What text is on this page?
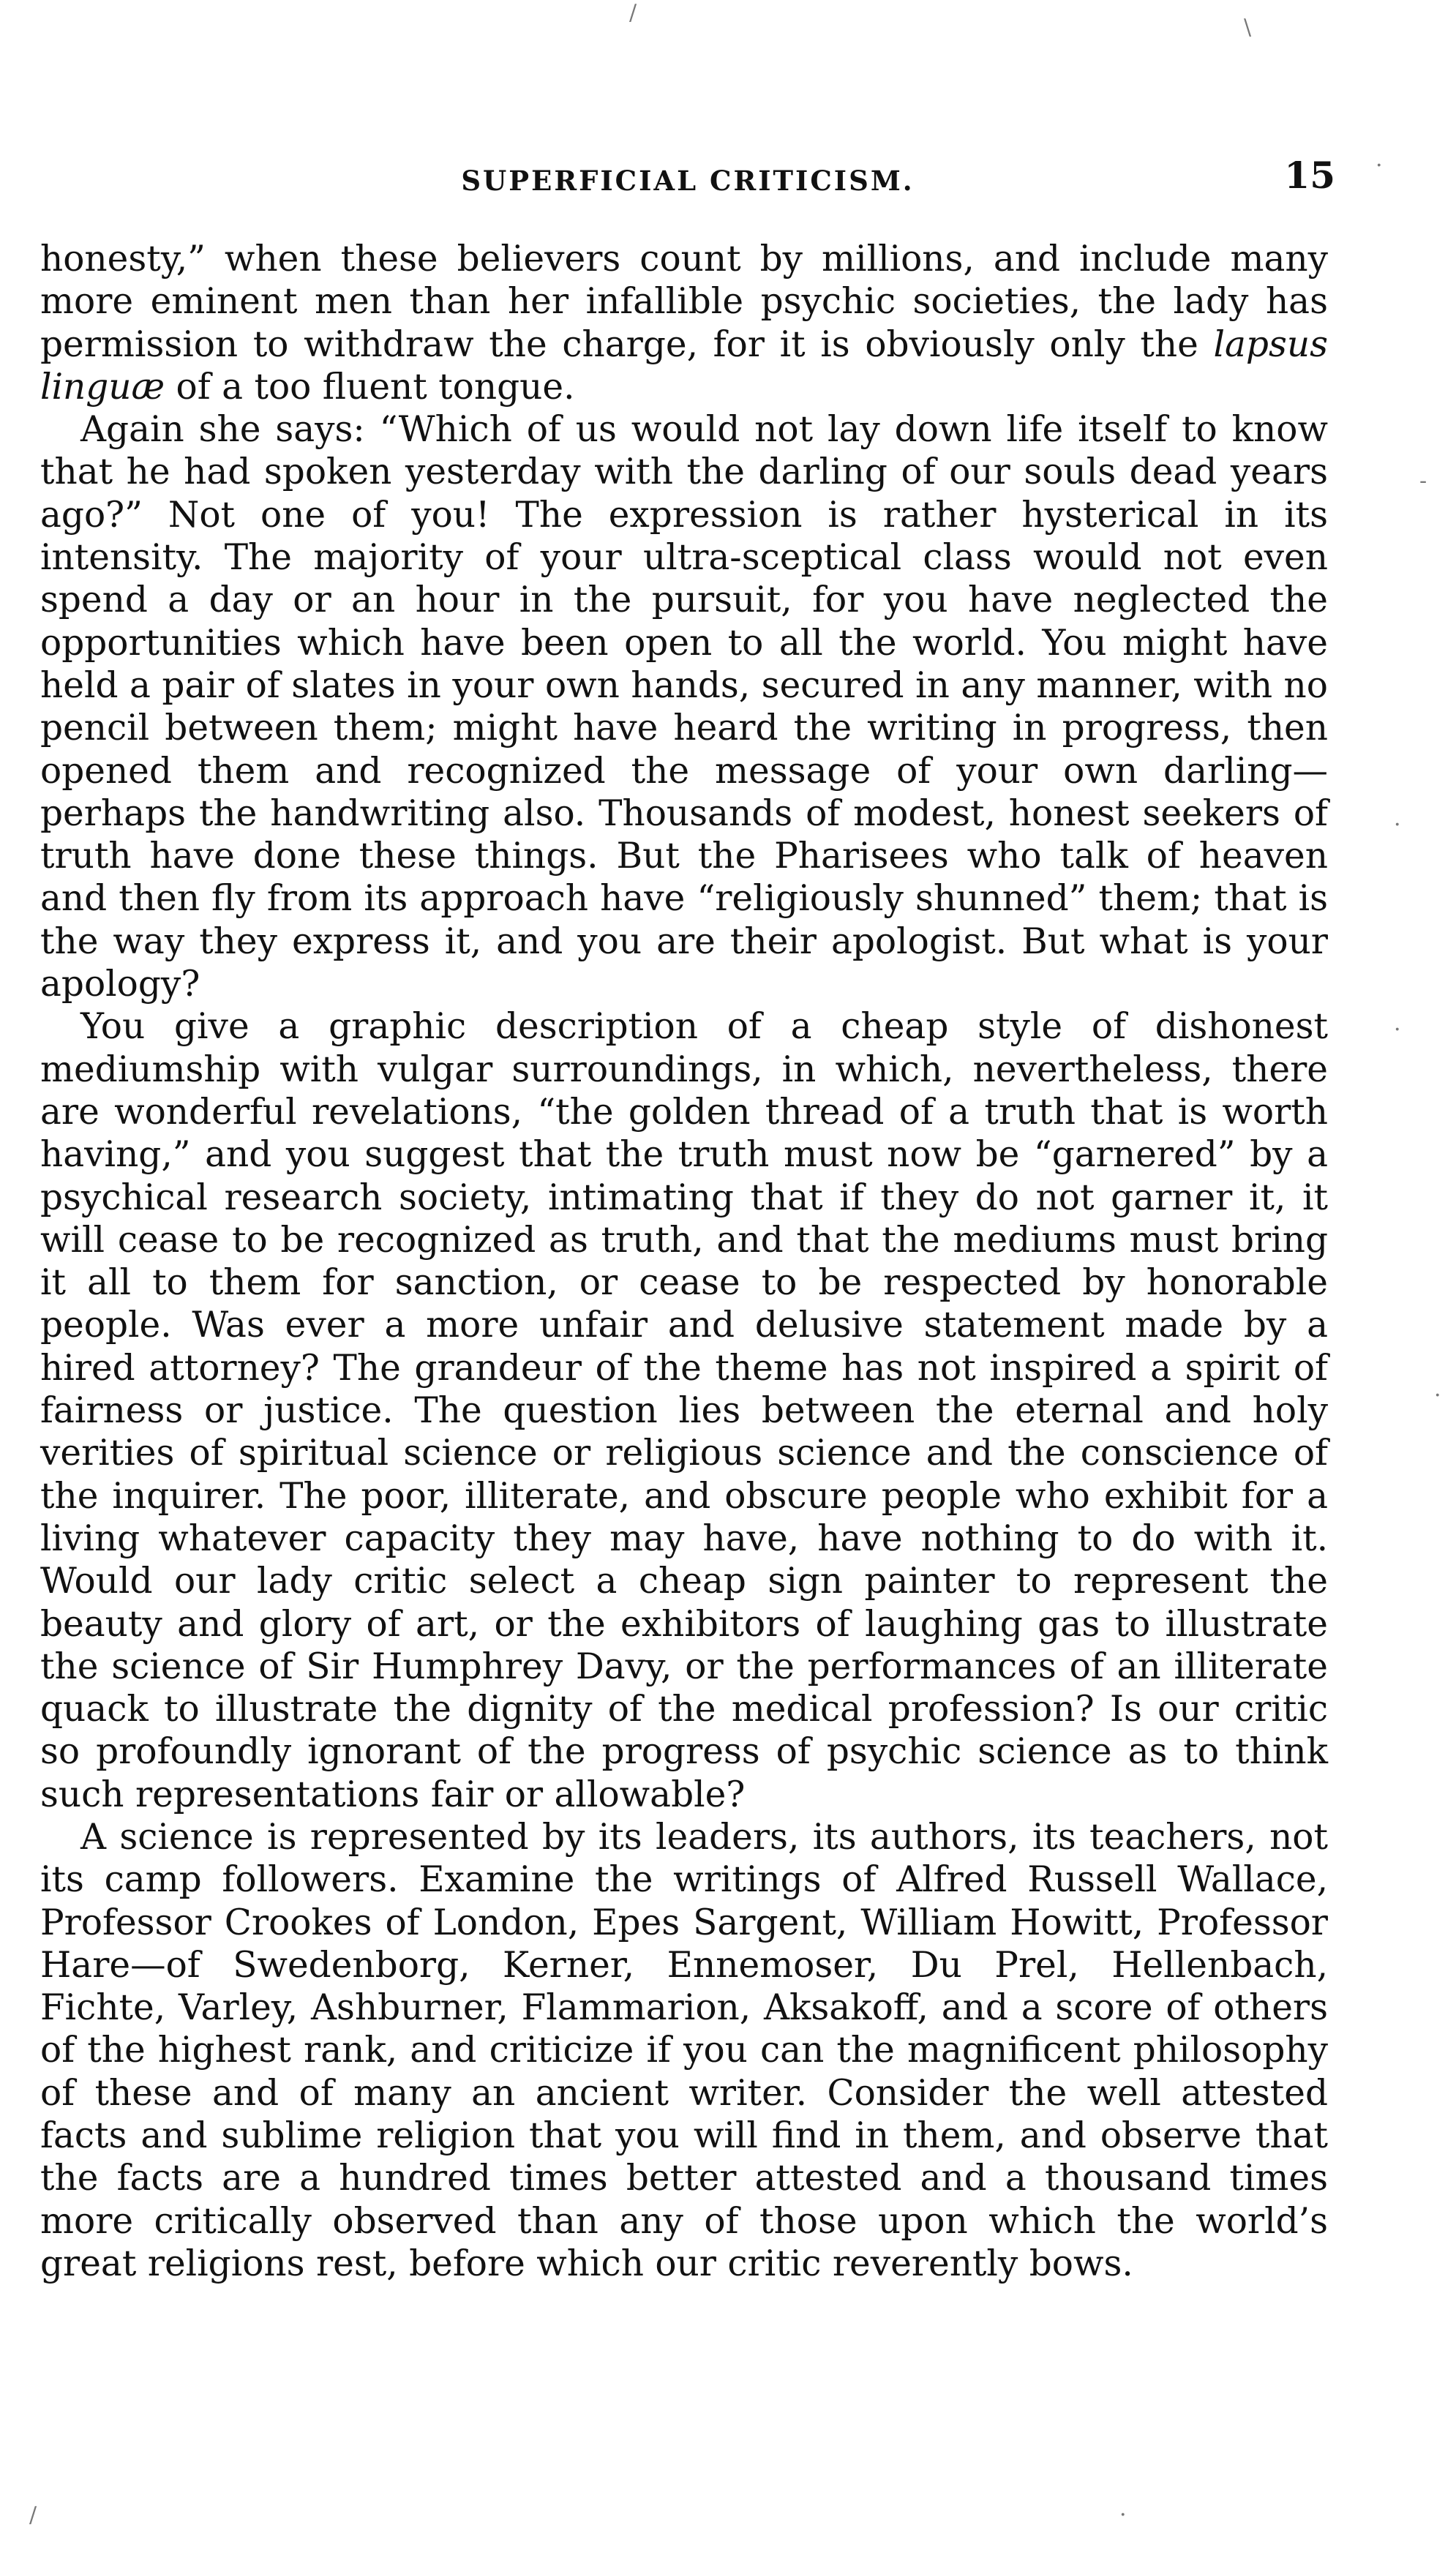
/
\
.
-
·
·
·
/	·
SUPERFICIAL CRITICISM.	15

honesty,” when these believers count by millions, and include many more eminent men than her infallible psychic societies, the lady has permission to withdraw the charge, for it is obviously only the lapsus linguæ of a too fluent tongue.

Again she says: “Which of us would not lay down life itself to know that he had spoken yesterday with the darling of our souls dead years ago?” Not one of you! The expression is rather hysterical in its intensity. The majority of your ultra-sceptical class would not even spend a day or an hour in the pursuit, for you have neglected the opportunities which have been open to all the world. You might have held a pair of slates in your own hands, secured in any manner, with no pencil between them; might have heard the writing in progress, then opened them and recognized the message of your own darling—perhaps the handwriting also. Thousands of modest, honest seekers of truth have done these things. But the Pharisees who talk of heaven and then fly from its approach have “religiously shunned” them; that is the way they express it, and you are their apologist. But what is your apology?

You give a graphic description of a cheap style of dishonest mediumship with vulgar surroundings, in which, nevertheless, there are wonderful revelations, “the golden thread of a truth that is worth having,” and you suggest that the truth must now be “garnered” by a psychical research society, intimating that if they do not garner it, it will cease to be recognized as truth, and that the mediums must bring it all to them for sanction, or cease to be respected by honorable people. Was ever a more unfair and delusive statement made by a hired attorney? The grandeur of the theme has not inspired a spirit of fairness or justice. The question lies between the eternal and holy verities of spiritual science or religious science and the conscience of the inquirer. The poor, illiterate, and obscure people who exhibit for a living whatever capacity they may have, have nothing to do with it. Would our lady critic select a cheap sign painter to represent the beauty and glory of art, or the exhibitors of laughing gas to illustrate the science of Sir Humphrey Davy, or the performances of an illiterate quack to illustrate the dignity of the medical profession? Is our critic so profoundly ignorant of the progress of psychic science as to think such representations fair or allowable?

A science is represented by its leaders, its authors, its teachers, not its camp followers. Examine the writings of Alfred Russell Wallace, Professor Crookes of London, Epes Sargent, William Howitt, Professor Hare—of Swedenborg, Kerner, Ennemoser, Du Prel, Hellenbach, Fichte, Varley, Ashburner, Flammarion, Aksakoff, and a score of others of the highest rank, and criticize if you can the magnificent philosophy of these and of many an ancient writer. Consider the well attested facts and sublime religion that you will find in them, and observe that the facts are a hundred times better attested and a thousand times more critically observed than any of those upon which the world’s great religions rest, before which our critic reverently bows.
